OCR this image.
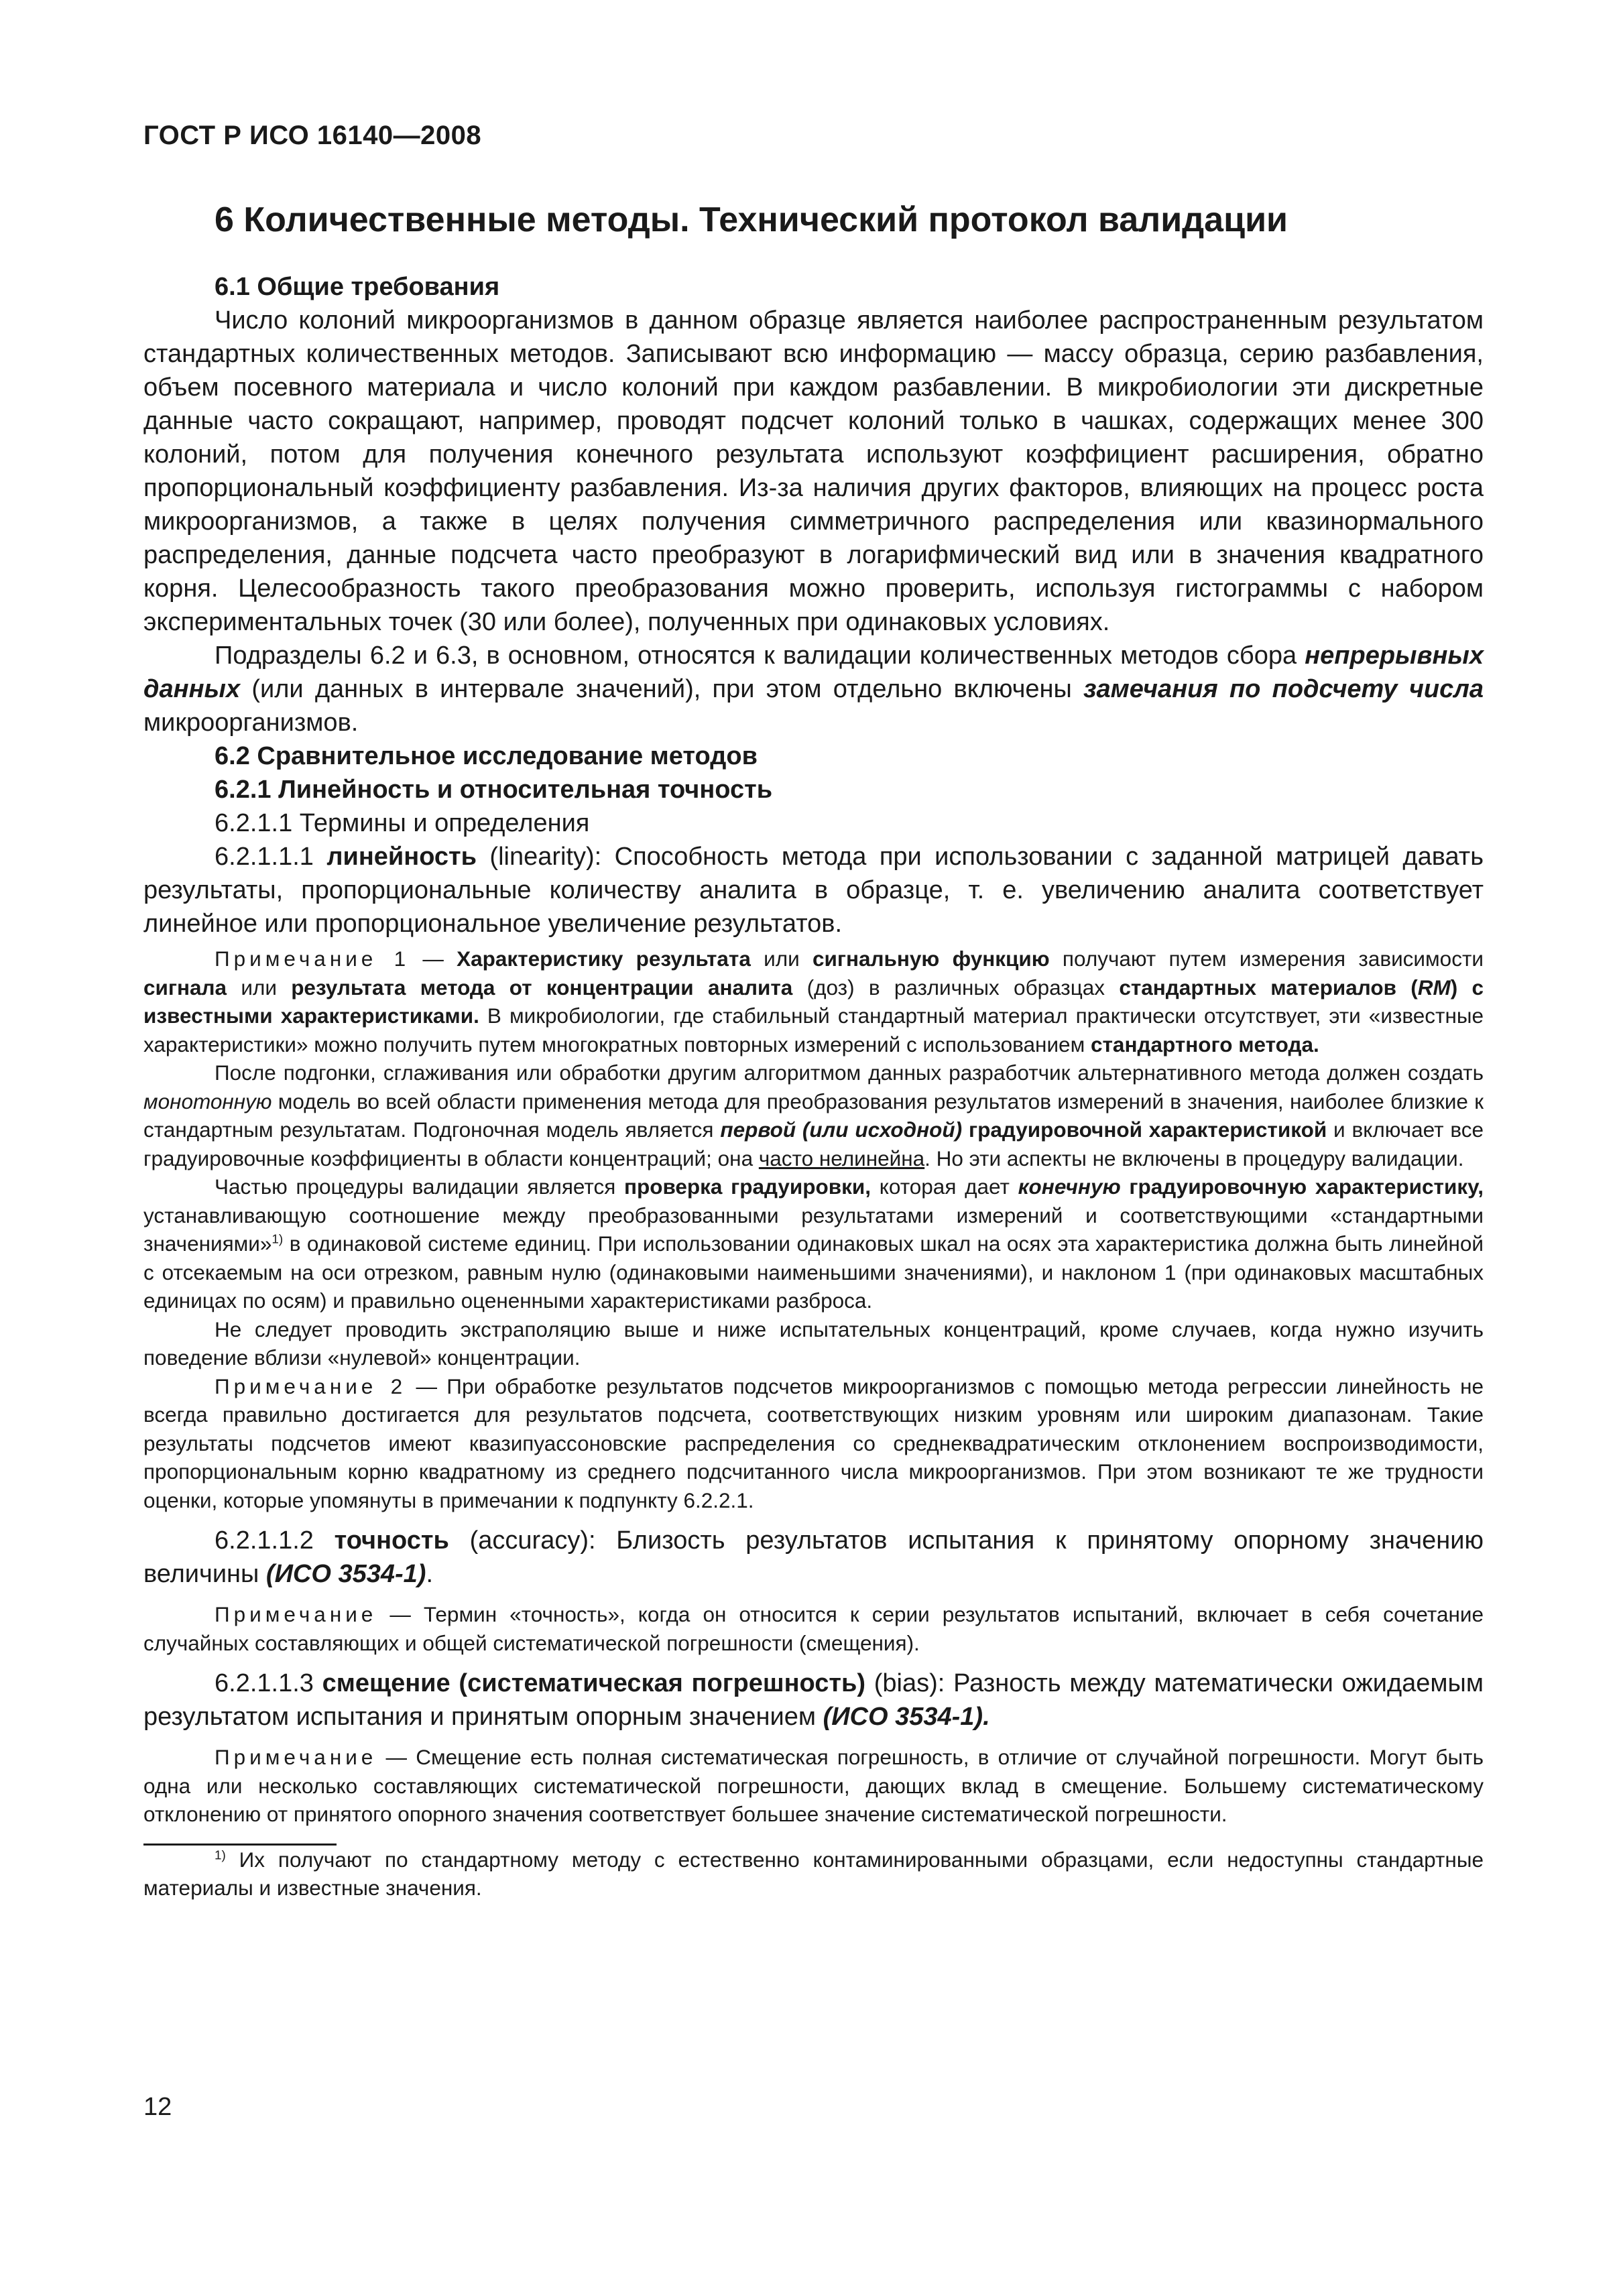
ГОСТ Р ИСО 16140—2008
6 Количественные методы. Технический протокол валидации

6.1 Общие требования

Число колоний микроорганизмов в данном образце является наиболее распространенным результатом стандартных количественных методов. Записывают всю информацию — массу образца, серию разбавления, объем посевного материала и число колоний при каждом разбавлении. В микробиологии эти дискретные данные часто сокращают, например, проводят подсчет колоний только в чашках, содержащих менее 300 колоний, потом для получения конечного результата используют коэффициент расширения, обратно пропорциональный коэффициенту разбавления. Из-за наличия других факторов, влияющих на процесс роста микроорганизмов, а также в целях получения симметричного распределения или квазинормального распределения, данные подсчета часто преобразуют в логарифмический вид или в значения квадратного корня. Целесообразность такого преобразования можно проверить, используя гистограммы с набором экспериментальных точек (30 или более), полученных при одинаковых условиях.

Подразделы 6.2 и 6.3, в основном, относятся к валидации количественных методов сбора непрерывных данных (или данных в интервале значений), при этом отдельно включены замечания по подсчету числа микроорганизмов.

6.2 Сравнительное исследование методов

6.2.1 Линейность и относительная точность

6.2.1.1 Термины и определения

6.2.1.1.1 линейность (linearity): Способность метода при использовании с заданной матрицей давать результаты, пропорциональные количеству аналита в образце, т. е. увеличению аналита соответствует линейное или пропорциональное увеличение результатов.

Примечание 1 — Характеристику результата или сигнальную функцию получают путем измерения зависимости сигнала или результата метода от концентрации аналита (доз) в различных образцах стандартных материалов (RM) с известными характеристиками. В микробиологии, где стабильный стандартный материал практически отсутствует, эти «известные характеристики» можно получить путем многократных повторных измерений с использованием стандартного метода.

После подгонки, сглаживания или обработки другим алгоритмом данных разработчик альтернативного метода должен создать монотонную модель во всей области применения метода для преобразования результатов измерений в значения, наиболее близкие к стандартным результатам. Подгоночная модель является первой (или исходной) градуировочной характеристикой и включает все градуировочные коэффициенты в области концентраций; она часто нелинейна. Но эти аспекты не включены в процедуру валидации.

Частью процедуры валидации является проверка градуировки, которая дает конечную градуировочную характеристику, устанавливающую соотношение между преобразованными результатами измерений и соответствующими «стандартными значениями»$^{1)}$ в одинаковой системе единиц. При использовании одинаковых шкал на осях эта характеристика должна быть линейной с отсекаемым на оси отрезком, равным нулю (одинаковыми наименьшими значениями), и наклоном 1 (при одинаковых масштабных единицах по осям) и правильно оцененными характеристиками разброса.

Не следует проводить экстраполяцию выше и ниже испытательных концентраций, кроме случаев, когда нужно изучить поведение вблизи «нулевой» концентрации.

Примечание 2 — При обработке результатов подсчетов микроорганизмов с помощью метода регрессии линейность не всегда правильно достигается для результатов подсчета, соответствующих низким уровням или широким диапазонам. Такие результаты подсчетов имеют квазипуассоновские распределения со среднеквадратическим отклонением воспроизводимости, пропорциональным корню квадратному из среднего подсчитанного числа микроорганизмов. При этом возникают те же трудности оценки, которые упомянуты в примечании к подпункту 6.2.2.1.

6.2.1.1.2 точность (accuracy): Близость результатов испытания к принятому опорному значению величины (ИСО 3534-1).

Примечание — Термин «точность», когда он относится к серии результатов испытаний, включает в себя сочетание случайных составляющих и общей систематической погрешности (смещения).

6.2.1.1.3 смещение (систематическая погрешность) (bias): Разность между математически ожидаемым результатом испытания и принятым опорным значением (ИСО 3534-1).

Примечание — Смещение есть полная систематическая погрешность, в отличие от случайной погрешности. Могут быть одна или несколько составляющих систематической погрешности, дающих вклад в смещение. Большему систематическому отклонению от принятого опорного значения соответствует большее значение систематической погрешности.

$^{1)}$ Их получают по стандартному методу с естественно контаминированными образцами, если недоступны стандартные материалы и известные значения.

12
